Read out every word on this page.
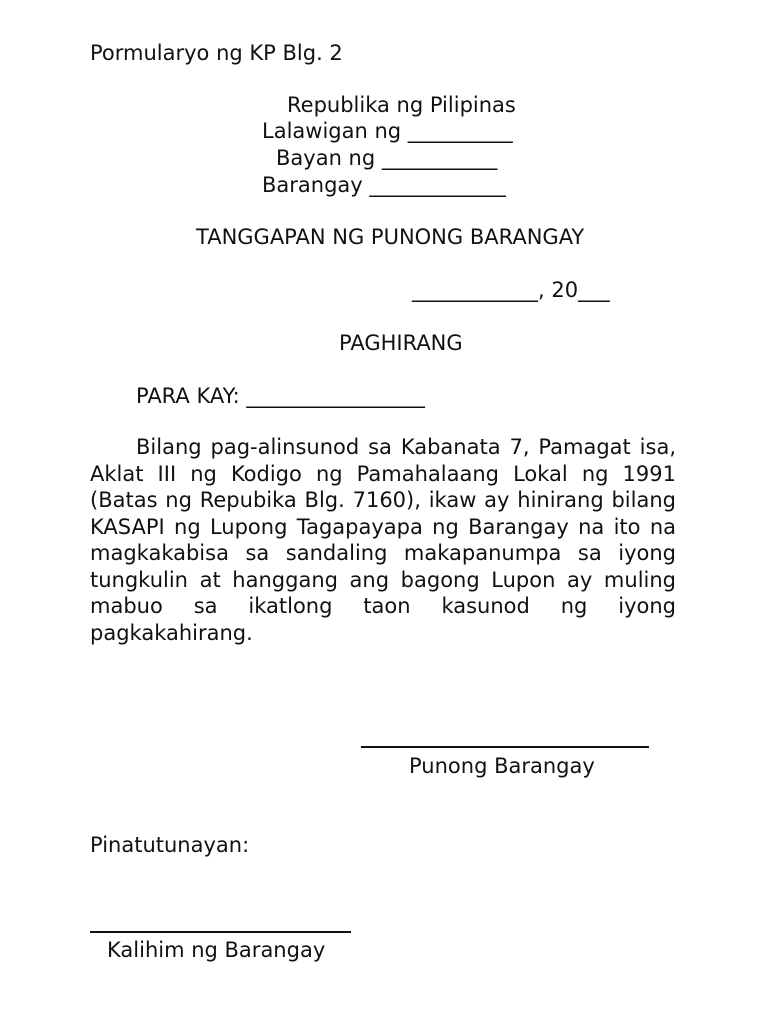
Pormularyo ng KP Blg. 2
Republika ng Pilipinas
Lalawigan ng __________
Bayan ng ___________
Barangay _____________
TANGGAPAN NG PUNONG BARANGAY
____________, 20___
PAGHIRANG
PARA KAY: _________________
Bilang pag-alinsunod sa Kabanata 7, Pamagat isa, Aklat III ng Kodigo ng Pamahalaang Lokal ng 1991 (Batas ng Repubika Blg. 7160), ikaw ay hinirang bilang KASAPI ng Lupong Tagapayapa ng Barangay na ito na magkakabisa sa sandaling makapanumpa sa iyong tungkulin at hanggang ang bagong Lupon ay muling mabuo sa ikatlong taon kasunod ng iyong pagkakahirang.
Punong Barangay
Pinatutunayan:
Kalihim ng Barangay
